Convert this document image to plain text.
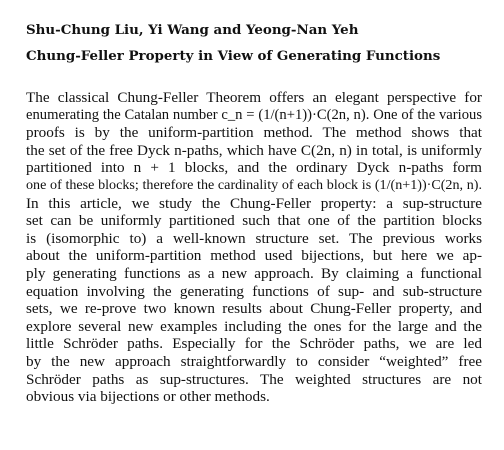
Shu-Chung Liu, Yi Wang and Yeong-Nan Yeh

Chung-Feller Property in View of Generating Functions

The classical Chung-Feller Theorem offers an elegant perspective for
enumerating the Catalan number c_n = (1/(n+1))·C(2n, n). One of the various
proofs is by the uniform-partition method. The method shows that
the set of the free Dyck n-paths, which have C(2n, n) in total, is uniformly
partitioned into n + 1 blocks, and the ordinary Dyck n-paths form
one of these blocks; therefore the cardinality of each block is (1/(n+1))·C(2n, n).
In this article, we study the Chung-Feller property: a sup-structure
set can be uniformly partitioned such that one of the partition blocks
is (isomorphic to) a well-known structure set. The previous works
about the uniform-partition method used bijections, but here we ap-
ply generating functions as a new approach. By claiming a functional
equation involving the generating functions of sup- and sub-structure
sets, we re-prove two known results about Chung-Feller property, and
explore several new examples including the ones for the large and the
little Schröder paths. Especially for the Schröder paths, we are led
by the new approach straightforwardly to consider “weighted” free
Schröder paths as sup-structures. The weighted structures are not
obvious via bijections or other methods.
